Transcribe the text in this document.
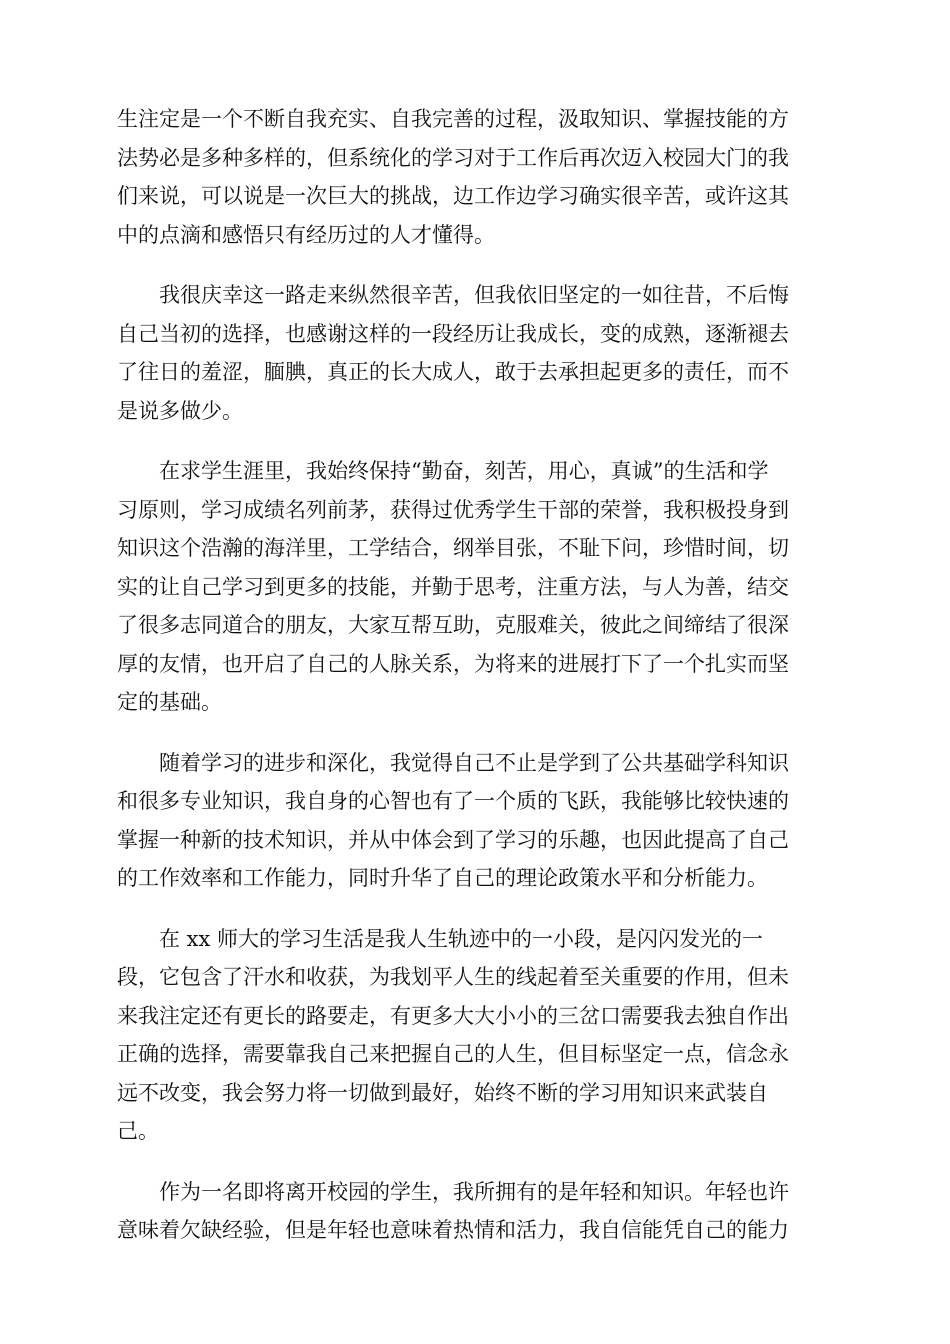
生注定是一个不断自我充实、自我完善的过程，汲取知识、掌握技能的方
法势必是多种多样的，但系统化的学习对于工作后再次迈入校园大门的我
们来说，可以说是一次巨大的挑战，边工作边学习确实很辛苦，或许这其
中的点滴和感悟只有经历过的人才懂得。

　　我很庆幸这一路走来纵然很辛苦，但我依旧坚定的一如往昔，不后悔
自己当初的选择，也感谢这样的一段经历让我成长，变的成熟，逐渐褪去
了往日的羞涩，腼腆，真正的长大成人，敢于去承担起更多的责任，而不
是说多做少。

　　在求学生涯里，我始终保持“勤奋，刻苦，用心，真诚”的生活和学
习原则，学习成绩名列前茅，获得过优秀学生干部的荣誉，我积极投身到
知识这个浩瀚的海洋里，工学结合，纲举目张，不耻下问，珍惜时间，切
实的让自己学习到更多的技能，并勤于思考，注重方法，与人为善，结交
了很多志同道合的朋友，大家互帮互助，克服难关，彼此之间缔结了很深
厚的友情，也开启了自己的人脉关系，为将来的进展打下了一个扎实而坚
定的基础。

　　随着学习的进步和深化，我觉得自己不止是学到了公共基础学科知识
和很多专业知识，我自身的心智也有了一个质的飞跃，我能够比较快速的
掌握一种新的技术知识，并从中体会到了学习的乐趣，也因此提高了自己
的工作效率和工作能力，同时升华了自己的理论政策水平和分析能力。

　　在 xx 师大的学习生活是我人生轨迹中的一小段，是闪闪发光的一
段，它包含了汗水和收获，为我划平人生的线起着至关重要的作用，但未
来我注定还有更长的路要走，有更多大大小小的三岔口需要我去独自作出
正确的选择，需要靠我自己来把握自己的人生，但目标坚定一点，信念永
远不改变，我会努力将一切做到最好，始终不断的学习用知识来武装自
己。

　　作为一名即将离开校园的学生，我所拥有的是年轻和知识。年轻也许
意味着欠缺经验，但是年轻也意味着热情和活力，我自信能凭自己的能力
